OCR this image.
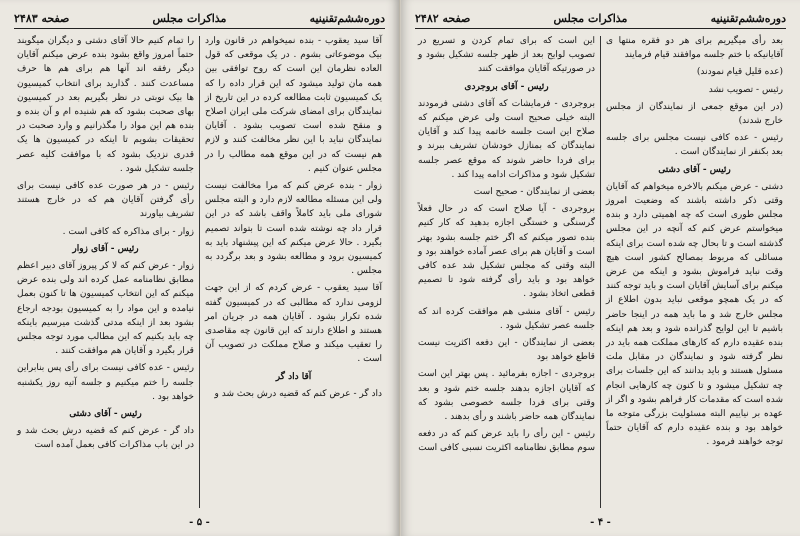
دوره‌ششم‌تقنینیه
مذاکرات مجلس
صفحه ۲۴۸۳

آقا سید یعقوب - بنده نمیخواهم در قانون وارد بیک موضوعاتی بشوم . در یک موقعی که قول العاده نظرمان این است که روح توافقی بین همه مان تولید میشود که این قرار داده را که یک کمیسیون ثابت مطالعه کرده در این تاریخ از نمایندگان برای امضای شرکت ملی ایران اصلاح و منقح شده است تصویب بشود . آقایان نمایندگان نباید با این نظر مخالفت کنند و لازم هم نیست که در این موقع همه مطالب را در مجلس عنوان کنیم .

زوار - بنده عرض کنم که مرا مخالفت نیست ولی این مسئله مطالعه لازم دارد و البته مجلس شورای ملی باید کاملاً واقف باشد که در این قرار داد چه نوشته شده است تا بتواند تصمیم بگیرد . حالا عرض میکنم که این پیشنهاد باید به کمیسیون برود و مطالعه بشود و بعد برگردد به مجلس .

آقا سید یعقوب - عرض کردم که از این جهت لزومی ندارد که مطالبی که در کمیسیون گفته شده تکرار بشود . آقایان همه در جریان امر هستند و اطلاع دارند که این قانون چه مقاصدی را تعقیب میکند و صلاح مملکت در تصویب آن است .

آقا داد گر

داد گر - عرض کنم که قضیه درش بحث شد و

را تمام کنیم حالا آقای دشتی و دیگران میگویند حتماً امروز واقع بشود بنده عرض میکنم آقایان دیگر رفقه اند آنها هم برای هم ها حرف مساعدت کنند . گذارید برای انتخاب کمیسیون ها بیک نوبتی در نظر بگیریم بعد در کمیسیون بهای صحبت بشود که هم شنیده ام و آن بنده و بنده هم این مواد را مگذرانیم و وارد صحبت در تحقیقات بشویم تا اینکه در کمیسیون ها یک قدری نزدیک بشود که با موافقت کلیه عصر جلسه تشکیل شود .

رئیس - در هر صورت عده کافی نیست برای رأی گرفتن آقایان هم که در خارج هستند تشریف بیاورند

زوار - برای مذاکره که کافی است .

رئیس - آقای زوار

زوار - عرض کنم که لا کر پیروز آقای دبیر اعظم مطابق نظامنامه عمل کرده اند ولی بنده عرض میکنم که این انتخاب کمیسیون ها تا کنون بعمل نیامده و این مواد را به کمیسیون بودجه ارجاع بشود بعد از اینکه مدتی گذشت میرسیم باینکه چه باید بکنیم که این مطالب مورد توجه مجلس قرار بگیرد و آقایان هم موافقت کنند .

رئیس - عده کافی نیست برای رأی پس بنابراین جلسه را ختم میکنیم و جلسه آتیه روز یکشنبه خواهد بود .

رئیس - آقای دشتی

داد گر - عرض کنم که قضیه درش بحث شد و در این باب مذاکرات کافی بعمل آمده است

- ۵ -
دوره‌ششم‌تقنینیه
مذاکرات مجلس
صفحه ۲۴۸۲

بعد رأی میگیریم برای هر دو فقره منتها ی آقایانیکه با ختم جلسه موافقند قیام فرمایند

(عده قلیل قیام نمودند)

رئیس - تصویب نشد

(در این موقع جمعی از نمایندگان از مجلس خارج شدند)

رئیس - عده کافی نیست مجلس برای جلسه بعد بکنفر از نمایندگان است .

رئیس - آقای دشتی

دشتی - عرض میکنم بالاخره میخواهم که آقایان وقتی ذکر داشته باشند که وضعیت امروز مجلس طوری است که چه اهمیتی دارد و بنده میخواستم عرض کنم که آنچه در این مجلس گذشته است و تا بحال چه شده است برای اینکه مسائلی که مربوط بمصالح کشور است هیچ وقت نباید فراموش بشود و اینکه من عرض میکنم برای آسایش آقایان است و باید توجه کنند که در یک همچو موقعی نباید بدون اطلاع از مجلس خارج شد و ما باید همه در اینجا حاضر باشیم تا این لوایح گذرانده شود و بعد هم اینکه بنده عقیده دارم که کارهای مملکت همه باید در نظر گرفته شود و نمایندگان در مقابل ملت مسئول هستند و باید بدانند که این جلسات برای چه تشکیل میشود و تا کنون چه کارهایی انجام شده است که مقدمات کار فراهم بشود و اگر از عهده بر نیاییم البته مسئولیت بزرگی متوجه ما خواهد بود و بنده عقیده دارم که آقایان حتماً توجه خواهند فرمود .

این است که برای تمام کردن و تسریع در تصویب لوایح بعد از ظهر جلسه تشکیل بشود و در صورتیکه آقایان موافقت کنند

رئیس - آقای بروجردی

بروجردی - فرمایشات که آقای دشتی فرمودند البته خیلی صحیح است ولی عرض میکنم که صلاح این است جلسه خاتمه پیدا کند و آقایان نمایندگان که بمنازل خودشان تشریف ببرند و برای فردا حاضر شوند که موقع عصر جلسه تشکیل شود و مذاکرات ادامه پیدا کند .

بعضی از نمایندگان - صحیح است

بروجردی - آیا صلاح است که در حال فعلاً گرسنگی و خستگی اجازه بدهید که کار کنیم بنده تصور میکنم که اگر ختم جلسه بشود بهتر است و آقایان هم برای عصر آماده خواهند بود و البته وقتی که مجلس تشکیل شد عده کافی خواهد بود و باید رأی گرفته شود تا تصمیم قطعی اتخاذ بشود .

رئیس - آقای منشی هم موافقت کرده اند که جلسه عصر تشکیل شود .

بعضی از نمایندگان - این دفعه اکثریت نیست قاطع خواهد بود

بروجردی - اجازه بفرمائید . پس بهتر این است که آقایان اجازه بدهند جلسه ختم شود و بعد وقتی برای فردا جلسه خصوصی بشود که نمایندگان همه حاضر باشند و رأی بدهند .

رئیس - این رأی را باید عرض کنم که در دفعه سوم مطابق نظامنامه اکثریت نسبی کافی است

- ۴ -
